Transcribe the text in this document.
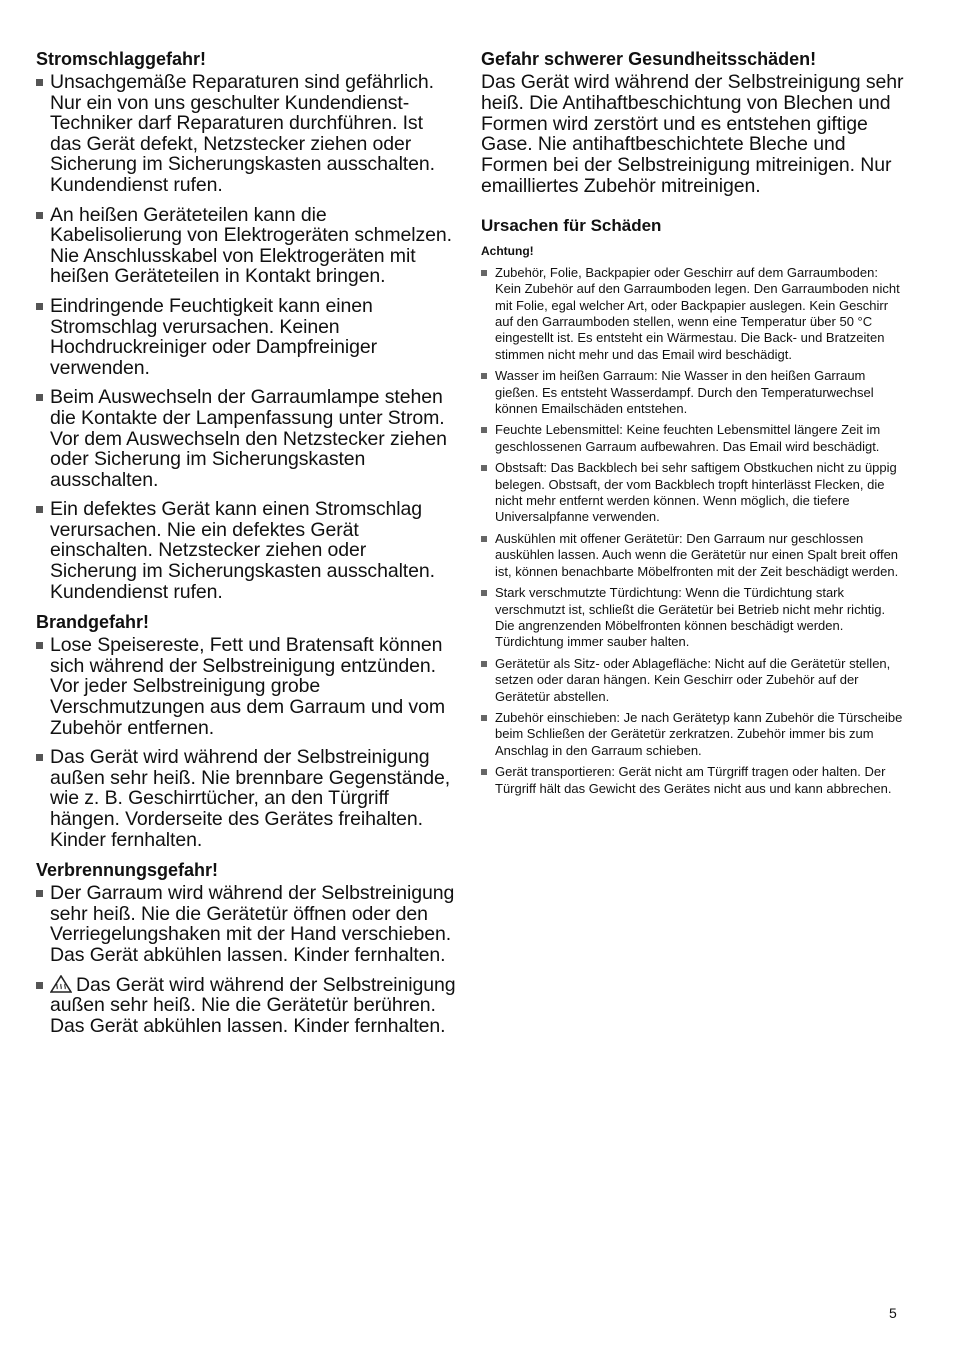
Stromschlaggefahr!
Unsachgemäße Reparaturen sind gefährlich. Nur ein von uns geschulter Kundendienst-Techniker darf Reparaturen durchführen. Ist das Gerät defekt, Netzstecker ziehen oder Sicherung im Sicherungskasten ausschalten. Kundendienst rufen.
An heißen Geräteteilen kann die Kabelisolierung von Elektrogeräten schmelzen. Nie Anschlusskabel von Elektrogeräten mit heißen Geräteteilen in Kontakt bringen.
Eindringende Feuchtigkeit kann einen Stromschlag verursachen. Keinen Hochdruckreiniger oder Dampfreiniger verwenden.
Beim Auswechseln der Garraumlampe stehen die Kontakte der Lampenfassung unter Strom. Vor dem Auswechseln den Netzstecker ziehen oder Sicherung im Sicherungskasten ausschalten.
Ein defektes Gerät kann einen Stromschlag verursachen. Nie ein defektes Gerät einschalten. Netzstecker ziehen oder Sicherung im Sicherungskasten ausschalten. Kundendienst rufen.
Brandgefahr!
Lose Speisereste, Fett und Bratensaft können sich während der Selbstreinigung entzünden. Vor jeder Selbstreinigung grobe Verschmutzungen aus dem Garraum und vom Zubehör entfernen.
Das Gerät wird während der Selbstreinigung außen sehr heiß. Nie brennbare Gegenstände, wie z. B. Geschirrtücher, an den Türgriff hängen. Vorderseite des Gerätes freihalten. Kinder fernhalten.
Verbrennungsgefahr!
Der Garraum wird während der Selbstreinigung sehr heiß. Nie die Gerätetür öffnen oder den Verriegelungshaken mit der Hand verschieben. Das Gerät abkühlen lassen. Kinder fernhalten.
Das Gerät wird während der Selbstreinigung außen sehr heiß. Nie die Gerätetür berühren. Das Gerät abkühlen lassen. Kinder fernhalten.
Gefahr schwerer Gesundheitsschäden!
Das Gerät wird während der Selbstreinigung sehr heiß. Die Antihaftbeschichtung von Blechen und Formen wird zerstört und es entstehen giftige Gase. Nie antihaftbeschichtete Bleche und Formen bei der Selbstreinigung mitreinigen. Nur emailliertes Zubehör mitreinigen.
Ursachen für Schäden
Achtung!
Zubehör, Folie, Backpapier oder Geschirr auf dem Garraumboden: Kein Zubehör auf den Garraumboden legen. Den Garraumboden nicht mit Folie, egal welcher Art, oder Backpapier auslegen. Kein Geschirr auf den Garraumboden stellen, wenn eine Temperatur über 50 °C eingestellt ist. Es entsteht ein Wärmestau. Die Back- und Bratzeiten stimmen nicht mehr und das Email wird beschädigt.
Wasser im heißen Garraum: Nie Wasser in den heißen Garraum gießen. Es entsteht Wasserdampf. Durch den Temperaturwechsel können Emailschäden entstehen.
Feuchte Lebensmittel: Keine feuchten Lebensmittel längere Zeit im geschlossenen Garraum aufbewahren. Das Email wird beschädigt.
Obstsaft: Das Backblech bei sehr saftigem Obstkuchen nicht zu üppig belegen. Obstsaft, der vom Backblech tropft hinterlässt Flecken, die nicht mehr entfernt werden können. Wenn möglich, die tiefere Universalpfanne verwenden.
Auskühlen mit offener Gerätetür: Den Garraum nur geschlossen auskühlen lassen. Auch wenn die Gerätetür nur einen Spalt breit offen ist, können benachbarte Möbelfronten mit der Zeit beschädigt werden.
Stark verschmutzte Türdichtung: Wenn die Türdichtung stark verschmutzt ist, schließt die Gerätetür bei Betrieb nicht mehr richtig. Die angrenzenden Möbelfronten können beschädigt werden. Türdichtung immer sauber halten.
Gerätetür als Sitz- oder Ablagefläche: Nicht auf die Gerätetür stellen, setzen oder daran hängen. Kein Geschirr oder Zubehör auf der Gerätetür abstellen.
Zubehör einschieben: Je nach Gerätetyp kann Zubehör die Türscheibe beim Schließen der Gerätetür zerkratzen. Zubehör immer bis zum Anschlag in den Garraum schieben.
Gerät transportieren: Gerät nicht am Türgriff tragen oder halten. Der Türgriff hält das Gewicht des Gerätes nicht aus und kann abbrechen.
5
